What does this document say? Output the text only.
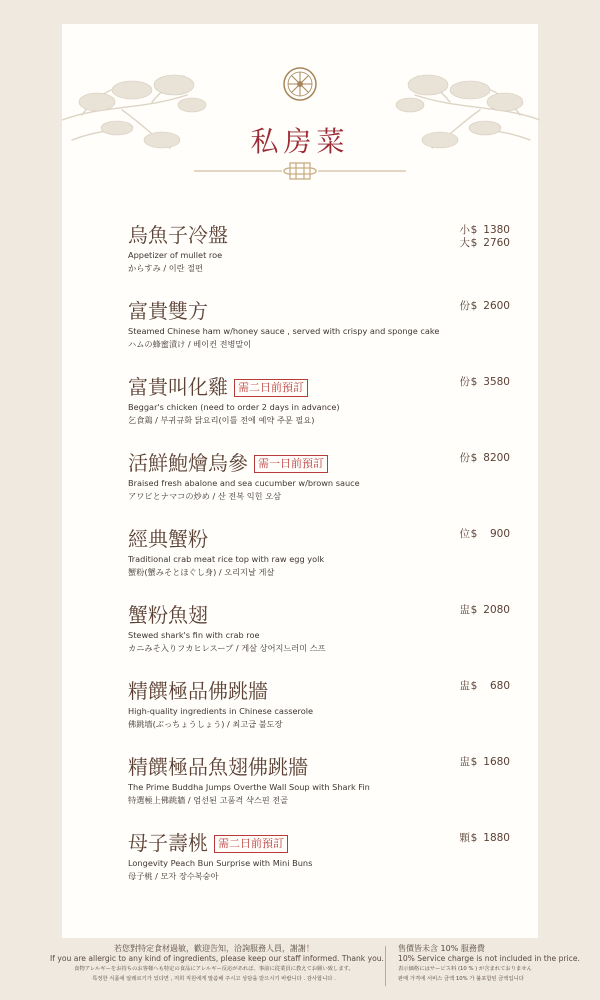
私房菜
烏魚子冷盤
Appetizer of mullet roe
からすみ / 이란 절편
小 $ 1380
大 $ 2760
富貴雙方
Steamed Chinese ham w/honey sauce , served with crispy and sponge cake
ハムの蜂蜜漬け / 베이컨 전병말이
份 $ 2600
富貴叫化雞 需二日前預訂
Beggar's chicken (need to order 2 days in advance)
乞食鶏 / 부귀규화 닭요리(이틀 전에 예약 주문 필요)
份 $ 3580
活鮮鮑燴烏參 需一日前預訂
Braised fresh abalone and sea cucumber w/brown sauce
アワビとナマコの炒め / 산 전복 익힌 오삼
份 $ 8200
經典蟹粉
Traditional crab meat rice top with raw egg yolk
蟹粉(蟹みそとほぐし身) / 오리지날 게살
位 $	900
蟹粉魚翅
Stewed shark's fin with crab roe
カニみそ入りフカヒレスープ / 게살 상어지느러미 스프
盅 $ 2080
精饌極品佛跳牆
High-quality ingredients in Chinese casserole
佛跳墻(ぶっちょうしょう) / 최고급 불도장
盅 $	680
精饌極品魚翅佛跳牆
The Prime Buddha Jumps Overthe Wall Soup with Shark Fin
特選極上佛跳牆 / 엄선된 고품격 샥스핀 전골
盅 $ 1680
母子壽桃 需二日前預訂
Longevity Peach Bun Surprise with Mini Buns
母子桃 / 모자 장수복숭아
顆 $ 1880
若您對特定食材過敏，歡迎告知，洽詢服務人員，謝謝！
If you are allergic to any kind of ingredients, please keep our staff informed. Thank you.
食物アレルギーをお持ちのお客様へも特定の食品にアレルギー反応があれば、事前に従業員に教えてお願い致します。
특정한 식품에 알레르기가 있다면 , 저희 직원에게 말씀해 주시고 상담을 받으시기 바랍니다 . 감사합니다 .
售價皆未含 10% 服務費
10% Service charge is not included in the price.
表示価格にはサービス料 (10 % ) が含まれておりません
판매 가격에 서비스 금액 10% 가 불포함된 금액입니다
